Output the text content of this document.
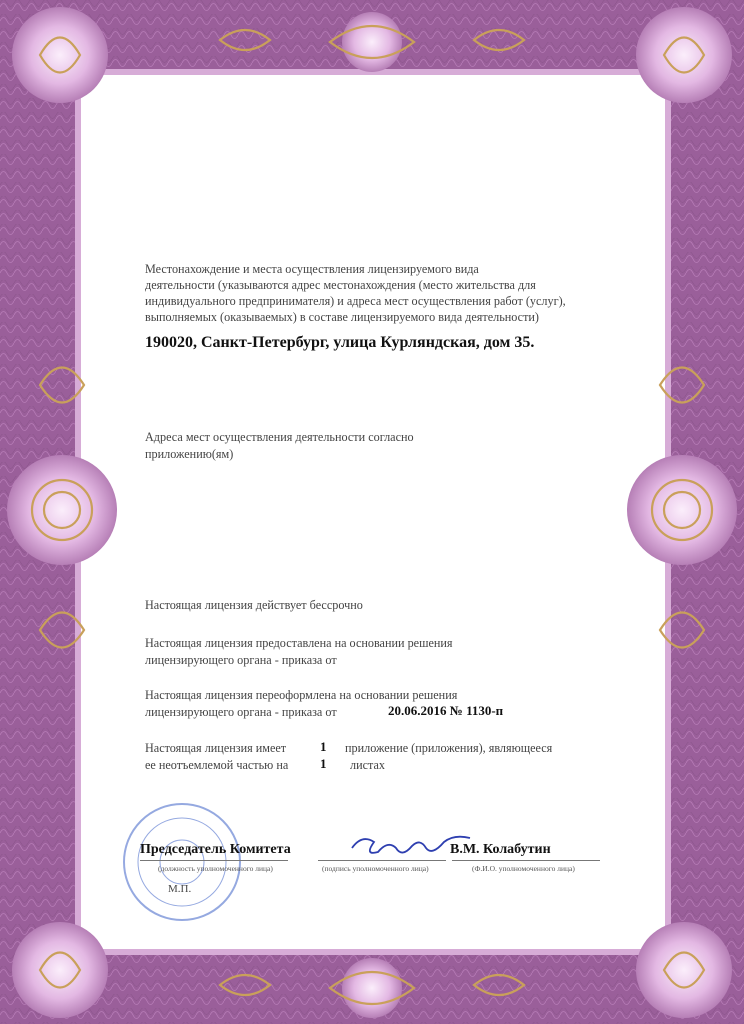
Местонахождение и места осуществления лицензируемого вида
деятельности (указываются адрес местонахождения (место жительства для
индивидуального предпринимателя) и адреса мест осуществления работ (услуг),
выполняемых (оказываемых) в составе лицензируемого вида деятельности)
190020, Санкт-Петербург, улица Курляндская, дом 35.
Адреса мест осуществления деятельности согласно
приложению(ям)
Настоящая лицензия действует бессрочно
Настоящая лицензия предоставлена на основании решения
лицензирующего органа - приказа от
Настоящая лицензия переоформлена на основании решения
лицензирующего органа - приказа от	20.06.2016 № 1130-п
Настоящая лицензия имеет	1 приложение (приложения), являющееся
ее неотъемлемой частью на 1 листах
Председатель Комитета	В.М. Колабутин
(должность уполномоченного лица)	(подпись уполномоченного лица)	(Ф.И.О. уполномоченного лица)
М.П.
